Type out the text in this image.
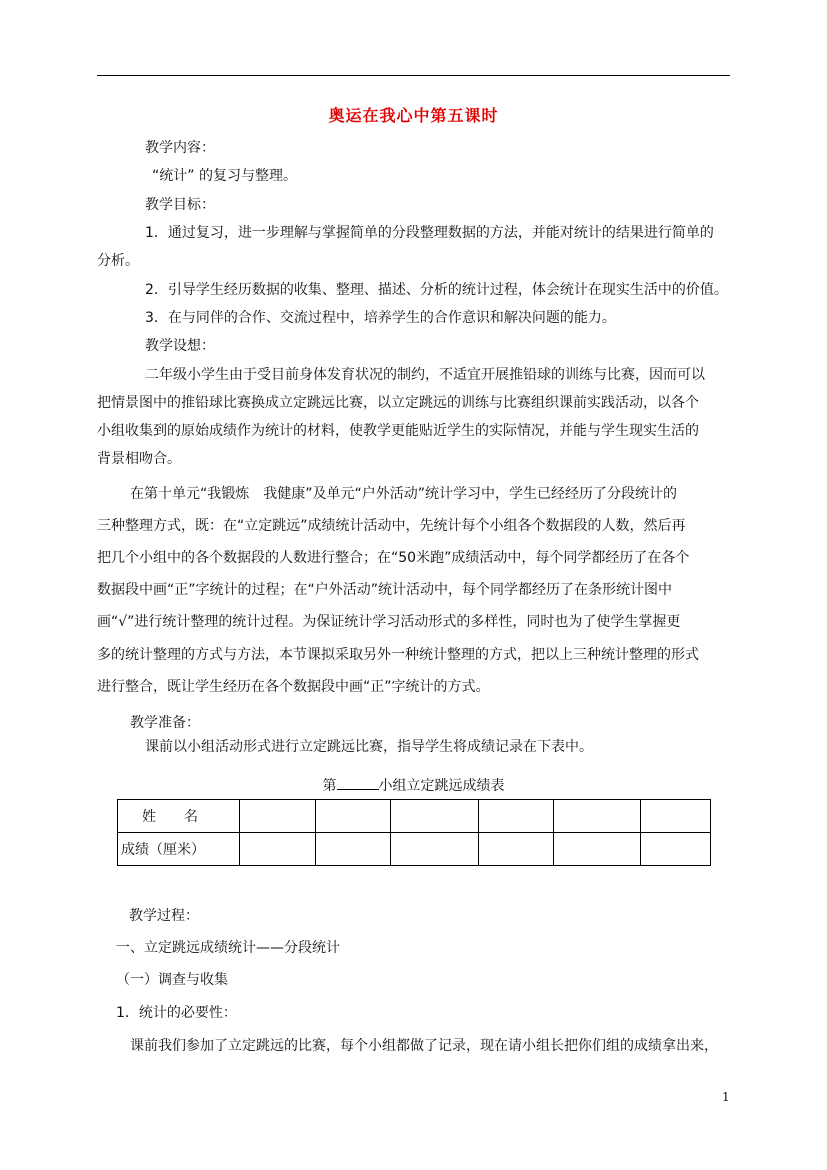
奥运在我心中第五课时
教学内容：
“统计” 的复习与整理。
教学目标：
1．通过复习，进一步理解与掌握简单的分段整理数据的方法，并能对统计的结果进行简单的
分析。
2．引导学生经历数据的收集、整理、描述、分析的统计过程，体会统计在现实生活中的价值。
3．在与同伴的合作、交流过程中，培养学生的合作意识和解决问题的能力。
教学设想：
二年级小学生由于受目前身体发育状况的制约，不适宜开展推铅球的训练与比赛，因而可以
把情景图中的推铅球比赛换成立定跳远比赛，以立定跳远的训练与比赛组织课前实践活动，以各个
小组收集到的原始成绩作为统计的材料，使教学更能贴近学生的实际情况，并能与学生现实生活的
背景相吻合。
在第十单元“我锻炼　我健康”及单元“户外活动”统计学习中，学生已经经历了分段统计的
三种整理方式，既：在“立定跳远”成绩统计活动中，先统计每个小组各个数据段的人数，然后再
把几个小组中的各个数据段的人数进行整合；在“50米跑”成绩活动中，每个同学都经历了在各个
数据段中画“正”字统计的过程；在“户外活动”统计活动中，每个同学都经历了在条形统计图中
画“√”进行统计整理的统计过程。为保证统计学习活动形式的多样性，同时也为了使学生掌握更
多的统计整理的方式与方法，本节课拟采取另外一种统计整理的方式，把以上三种统计整理的形式
进行整合，既让学生经历在各个数据段中画“正”字统计的方式。
教学准备：
课前以小组活动形式进行立定跳远比赛，指导学生将成绩记录在下表中。
第	小组立定跳远成绩表
姓　　名						
成绩（厘米）						
教学过程：
一、立定跳远成绩统计——分段统计
（一）调查与收集
1．统计的必要性：
课前我们参加了立定跳远的比赛，每个小组都做了记录，现在请小组长把你们组的成绩拿出来，
1
